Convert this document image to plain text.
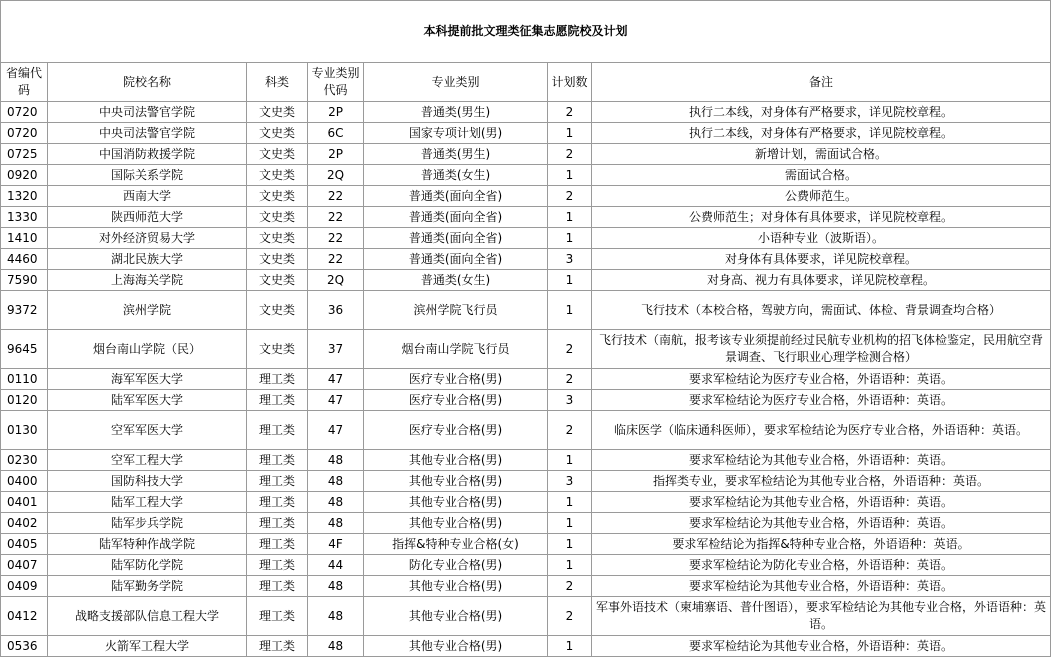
本科提前批文理类征集志愿院校及计划						
省编代码	院校名称	科类	专业类别代码	专业类别	计划数	备注
0720	中央司法警官学院	文史类	2P	普通类(男生)	2	执行二本线，对身体有严格要求，详见院校章程。
0720	中央司法警官学院	文史类	6C	国家专项计划(男)	1	执行二本线，对身体有严格要求，详见院校章程。
0725	中国消防救援学院	文史类	2P	普通类(男生)	2	新增计划，需面试合格。
0920	国际关系学院	文史类	2Q	普通类(女生)	1	需面试合格。
1320	西南大学	文史类	22	普通类(面向全省)	2	公费师范生。
1330	陕西师范大学	文史类	22	普通类(面向全省)	1	公费师范生；对身体有具体要求，详见院校章程。
1410	对外经济贸易大学	文史类	22	普通类(面向全省)	1	小语种专业（波斯语）。
4460	湖北民族大学	文史类	22	普通类(面向全省)	3	对身体有具体要求，详见院校章程。
7590	上海海关学院	文史类	2Q	普通类(女生)	1	对身高、视力有具体要求，详见院校章程。
9372	滨州学院	文史类	36	滨州学院飞行员	1	飞行技术（本校合格，驾驶方向，需面试、体检、背景调查均合格）
9645	烟台南山学院（民）	文史类	37	烟台南山学院飞行员	2	飞行技术（南航，报考该专业须提前经过民航专业机构的招飞体检鉴定，民用航空背景调查、飞行职业心理学检测合格）
0110	海军军医大学	理工类	47	医疗专业合格(男)	2	要求军检结论为医疗专业合格，外语语种：英语。
0120	陆军军医大学	理工类	47	医疗专业合格(男)	3	要求军检结论为医疗专业合格，外语语种：英语。
0130	空军军医大学	理工类	47	医疗专业合格(男)	2	临床医学（临床通科医师），要求军检结论为医疗专业合格，外语语种：英语。
0230	空军工程大学	理工类	48	其他专业合格(男)	1	要求军检结论为其他专业合格，外语语种：英语。
0400	国防科技大学	理工类	48	其他专业合格(男)	3	指挥类专业，要求军检结论为其他专业合格，外语语种：英语。
0401	陆军工程大学	理工类	48	其他专业合格(男)	1	要求军检结论为其他专业合格，外语语种：英语。
0402	陆军步兵学院	理工类	48	其他专业合格(男)	1	要求军检结论为其他专业合格，外语语种：英语。
0405	陆军特种作战学院	理工类	4F	指挥&特种专业合格(女)	1	要求军检结论为指挥&特种专业合格，外语语种：英语。
0407	陆军防化学院	理工类	44	防化专业合格(男)	1	要求军检结论为防化专业合格，外语语种：英语。
0409	陆军勤务学院	理工类	48	其他专业合格(男)	2	要求军检结论为其他专业合格，外语语种：英语。
0412	战略支援部队信息工程大学	理工类	48	其他专业合格(男)	2	军事外语技术（柬埔寨语、普什图语），要求军检结论为其他专业合格，外语语种：英语。
0536	火箭军工程大学	理工类	48	其他专业合格(男)	1	要求军检结论为其他专业合格，外语语种：英语。
